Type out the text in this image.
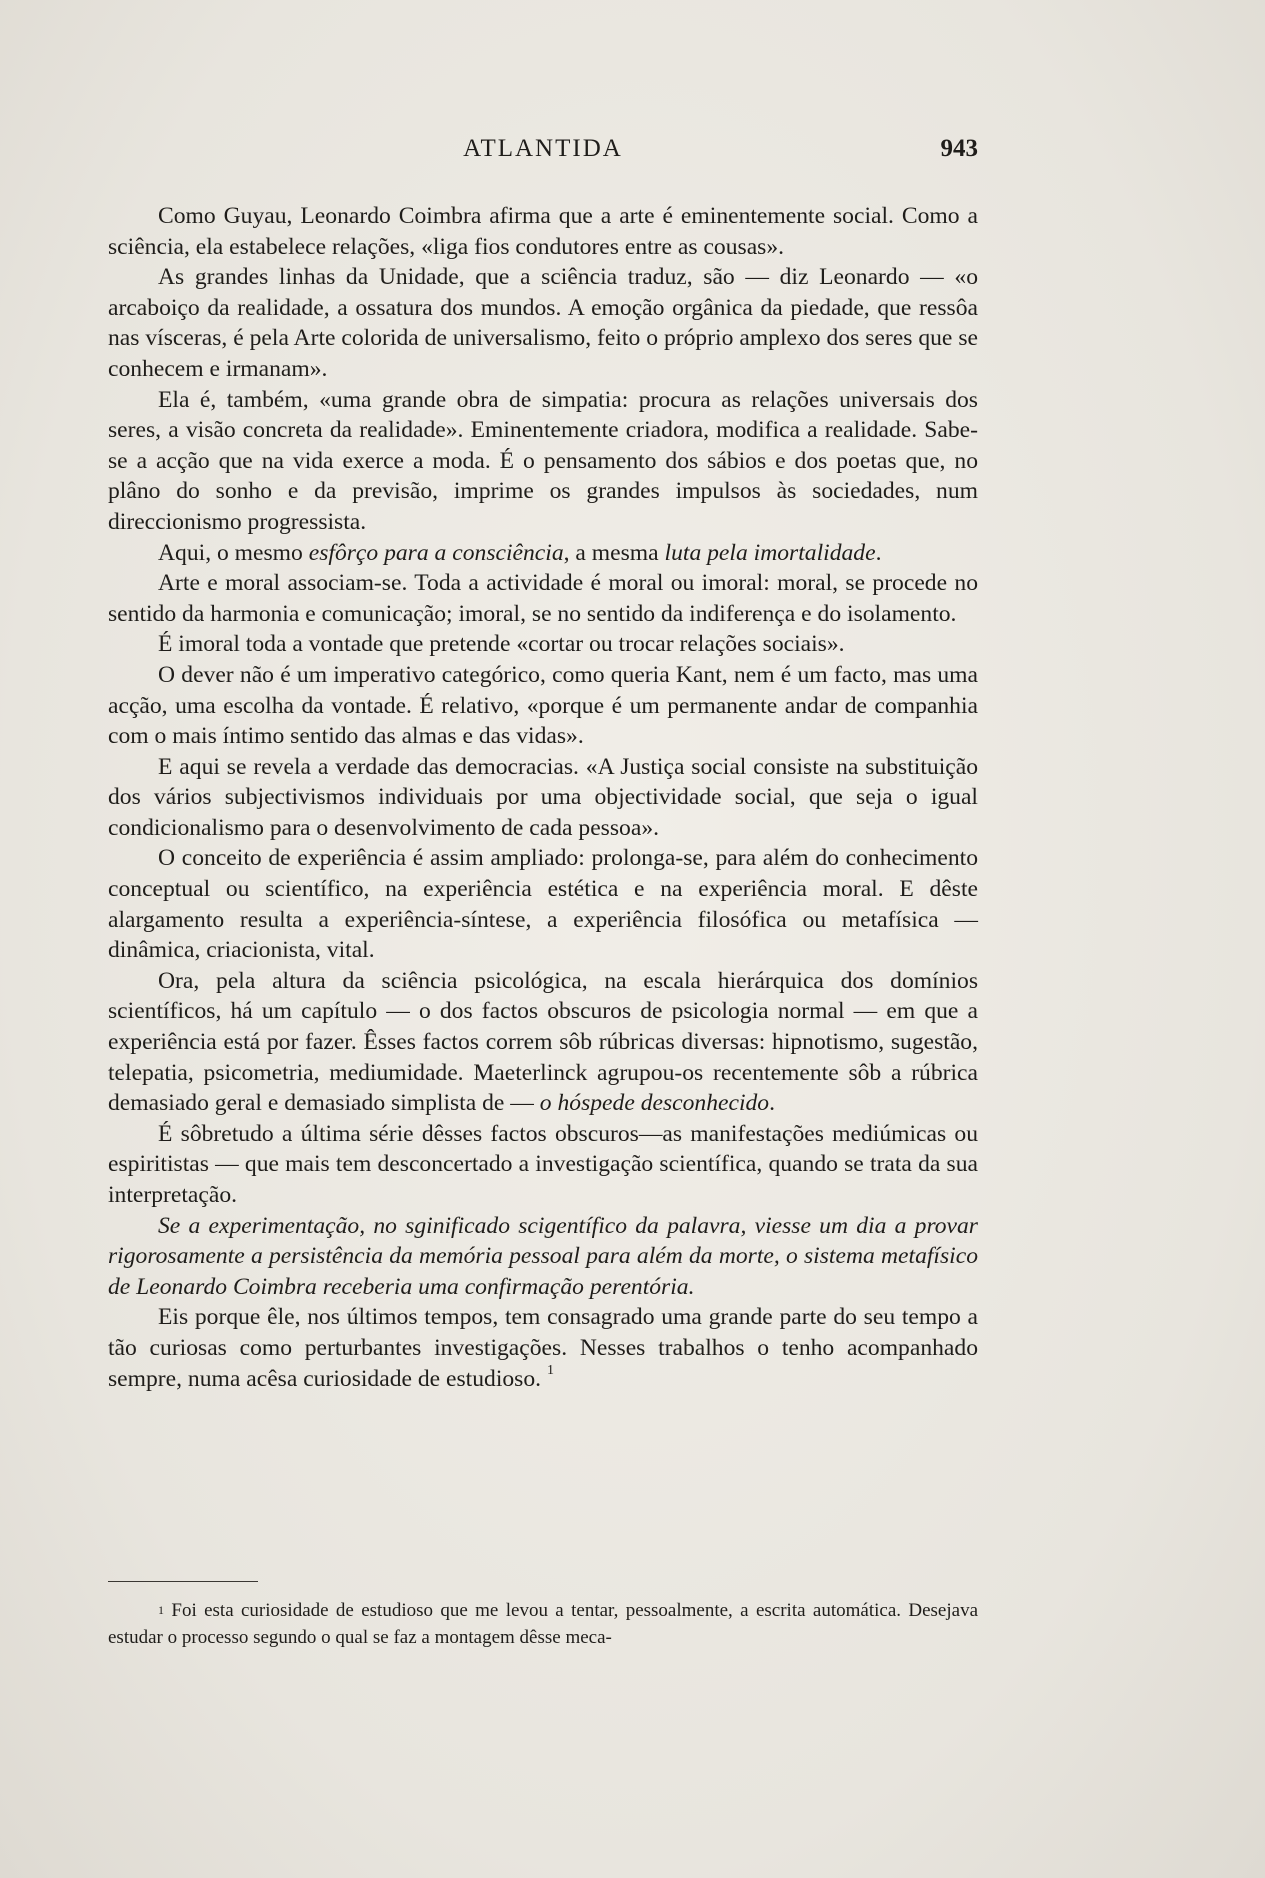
ATLANTIDA	943

Como Guyau, Leonardo Coimbra afirma que a arte é eminentemente social. Como a sciência, ela estabelece relações, «liga fios condutores entre as cousas».

As grandes linhas da Unidade, que a sciência traduz, são — diz Leonardo — «o arcaboiço da realidade, a ossatura dos mundos. A emoção orgânica da piedade, que ressôa nas vísceras, é pela Arte colorida de universalismo, feito o próprio amplexo dos seres que se conhecem e irmanam».

Ela é, também, «uma grande obra de simpatia: procura as relações universais dos seres, a visão concreta da realidade». Eminentemente criadora, modifica a realidade. Sabe-se a acção que na vida exerce a moda. É o pensamento dos sábios e dos poetas que, no plâno do sonho e da previsão, imprime os grandes impulsos às sociedades, num direccionismo progressista.

Aqui, o mesmo esfôrço para a consciência, a mesma luta pela imortalidade.

Arte e moral associam-se. Toda a actividade é moral ou imoral: moral, se procede no sentido da harmonia e comunicação; imoral, se no sentido da indiferença e do isolamento.

É imoral toda a vontade que pretende «cortar ou trocar relações sociais».

O dever não é um imperativo categórico, como queria Kant, nem é um facto, mas uma acção, uma escolha da vontade. É relativo, «porque é um permanente andar de companhia com o mais íntimo sentido das almas e das vidas».

E aqui se revela a verdade das democracias. «A Justiça social consiste na substituição dos vários subjectivismos individuais por uma objectividade social, que seja o igual condicionalismo para o desenvolvimento de cada pessoa».

O conceito de experiência é assim ampliado: prolonga-se, para além do conhecimento conceptual ou scientífico, na experiência estética e na experiência moral. E dêste alargamento resulta a experiência-síntese, a experiência filosófica ou metafísica — dinâmica, criacionista, vital.

Ora, pela altura da sciência psicológica, na escala hierárquica dos domínios scientíficos, há um capítulo — o dos factos obscuros de psicologia normal — em que a experiência está por fazer. Êsses factos correm sôb rúbricas diversas: hipnotismo, sugestão, telepatia, psicometria, mediumidade. Maeterlinck agrupou-os recentemente sôb a rúbrica demasiado geral e demasiado simplista de — o hóspede desconhecido.

É sôbretudo a última série dêsses factos obscuros—as manifestações mediúmicas ou espiritistas — que mais tem desconcertado a investigação scientífica, quando se trata da sua interpretação.

Se a experimentação, no sginificado scigentífico da palavra, viesse um dia a provar rigorosamente a persistência da memória pessoal para além da morte, o sistema metafísico de Leonardo Coimbra receberia uma confirmação perentória.

Eis porque êle, nos últimos tempos, tem consagrado uma grande parte do seu tempo a tão curiosas como perturbantes investigações. Nesses trabalhos o tenho acompanhado sempre, numa acêsa curiosidade de estudioso. $^1$

$^1$ Foi esta curiosidade de estudioso que me levou a tentar, pessoalmente, a escrita automática. Desejava estudar o processo segundo o qual se faz a montagem dêsse meca-
